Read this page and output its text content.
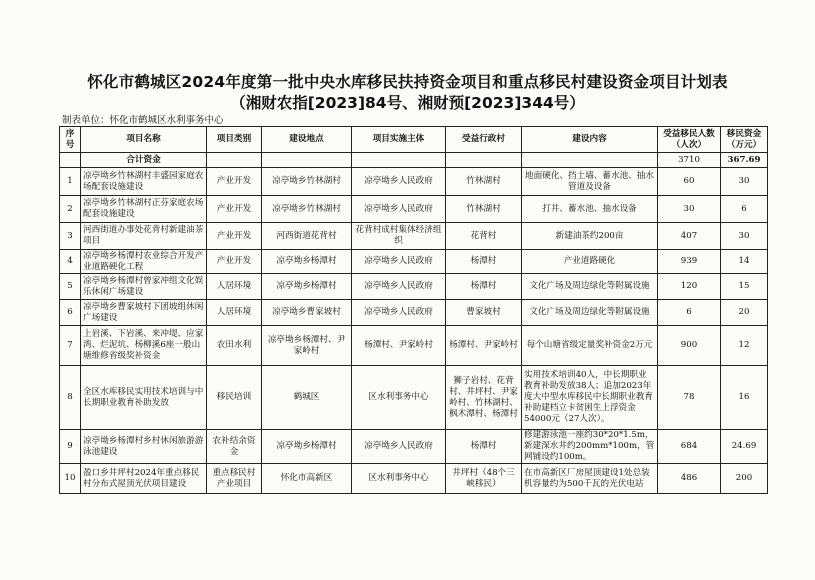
怀化市鹤城区2024年度第一批中央水库移民扶持资金项目和重点移民村建设资金项目计划表
（湘财农指[2023]84号、湘财预[2023]344号）
制表单位：怀化市鹤城区水利事务中心
序号	项目名称	项目类别	建设地点	项目实施主体	受益行政村	建设内容	受益移民人数（人次）	移民资金（万元）
	合计资金						3710	367.69
1	凉亭坳乡竹林湖村丰盛园家庭农场配套设施建设	产业开发	凉亭坳乡竹林湖村	凉亭坳乡人民政府	竹林湖村	地面硬化、挡土墙、蓄水池、抽水管道及设备	60	30
2	凉亭坳乡竹林湖村正芬家庭农场配套设施建设	产业开发	凉亭坳乡竹林湖村	凉亭坳乡人民政府	竹林湖村	打井、蓄水池、抽水设备	30	6
3	河西街道办事处花背村新建油茶项目	产业开发	河西街道花背村	花背村成村集体经济组织	花背村	新建油茶约200亩	407	30
4	凉亭坳乡杨潭村农业综合开发产业道路硬化工程	产业开发	凉亭坳乡杨潭村	凉亭坳乡人民政府	杨潭村	产业道路硬化	939	14
5	凉亭坳乡杨潭村曾家冲组文化娱乐休闲广场建设	人居环境	凉亭坳乡杨潭村	凉亭坳乡人民政府	杨潭村	文化广场及周边绿化等附属设施	120	15
6	凉亭坳乡曹家坡村下团坡组休闲广场建设	人居环境	凉亭坳乡曹家坡村	凉亭坳乡人民政府	曹家坡村	文化广场及周边绿化等附属设施	6	20
7	上岩溪、下岩溪、来冲堤、应家湾、烂泥坑、杨柳溪6座一般山塘维修省级奖补资金	农田水利	凉亭坳乡杨潭村、尹家岭村	杨潭村、尹家岭村	杨潭村、尹家岭村	每个山塘省级定量奖补资金2万元	900	12
8	全区水库移民实用技术培训与中长期职业教育补助发放	移民培训	鹤城区	区水利事务中心	狮子岩村、花背村、井坪村、尹家岭村、竹林湖村、枫木潭村、杨潭村	实用技术培训40人，中长期职业教育补助发放38人；追加2023年度大中型水库移民中长期职业教育补助建档立卡贫困生上浮资金54000元（27人次）。	78	16
9	凉亭坳乡杨潭村乡村休闲旅游游泳池建设	农补结余资金	凉亭坳乡杨潭村	凉亭坳乡人民政府	杨潭村	修建游泳池一座约30*20*1.5m，新建深水井约200mm*100m，管网铺设约100m。	684	24.69
10	盈口乡井坪村2024年重点移民村分布式屋顶光伏项目建设	重点移民村 产业项目	怀化市高新区	区水利事务中心	井坪村（48个三峡移民）	在市高新区厂房屋顶建设1处总装机容量约为500千瓦的光伏电站	486	200
